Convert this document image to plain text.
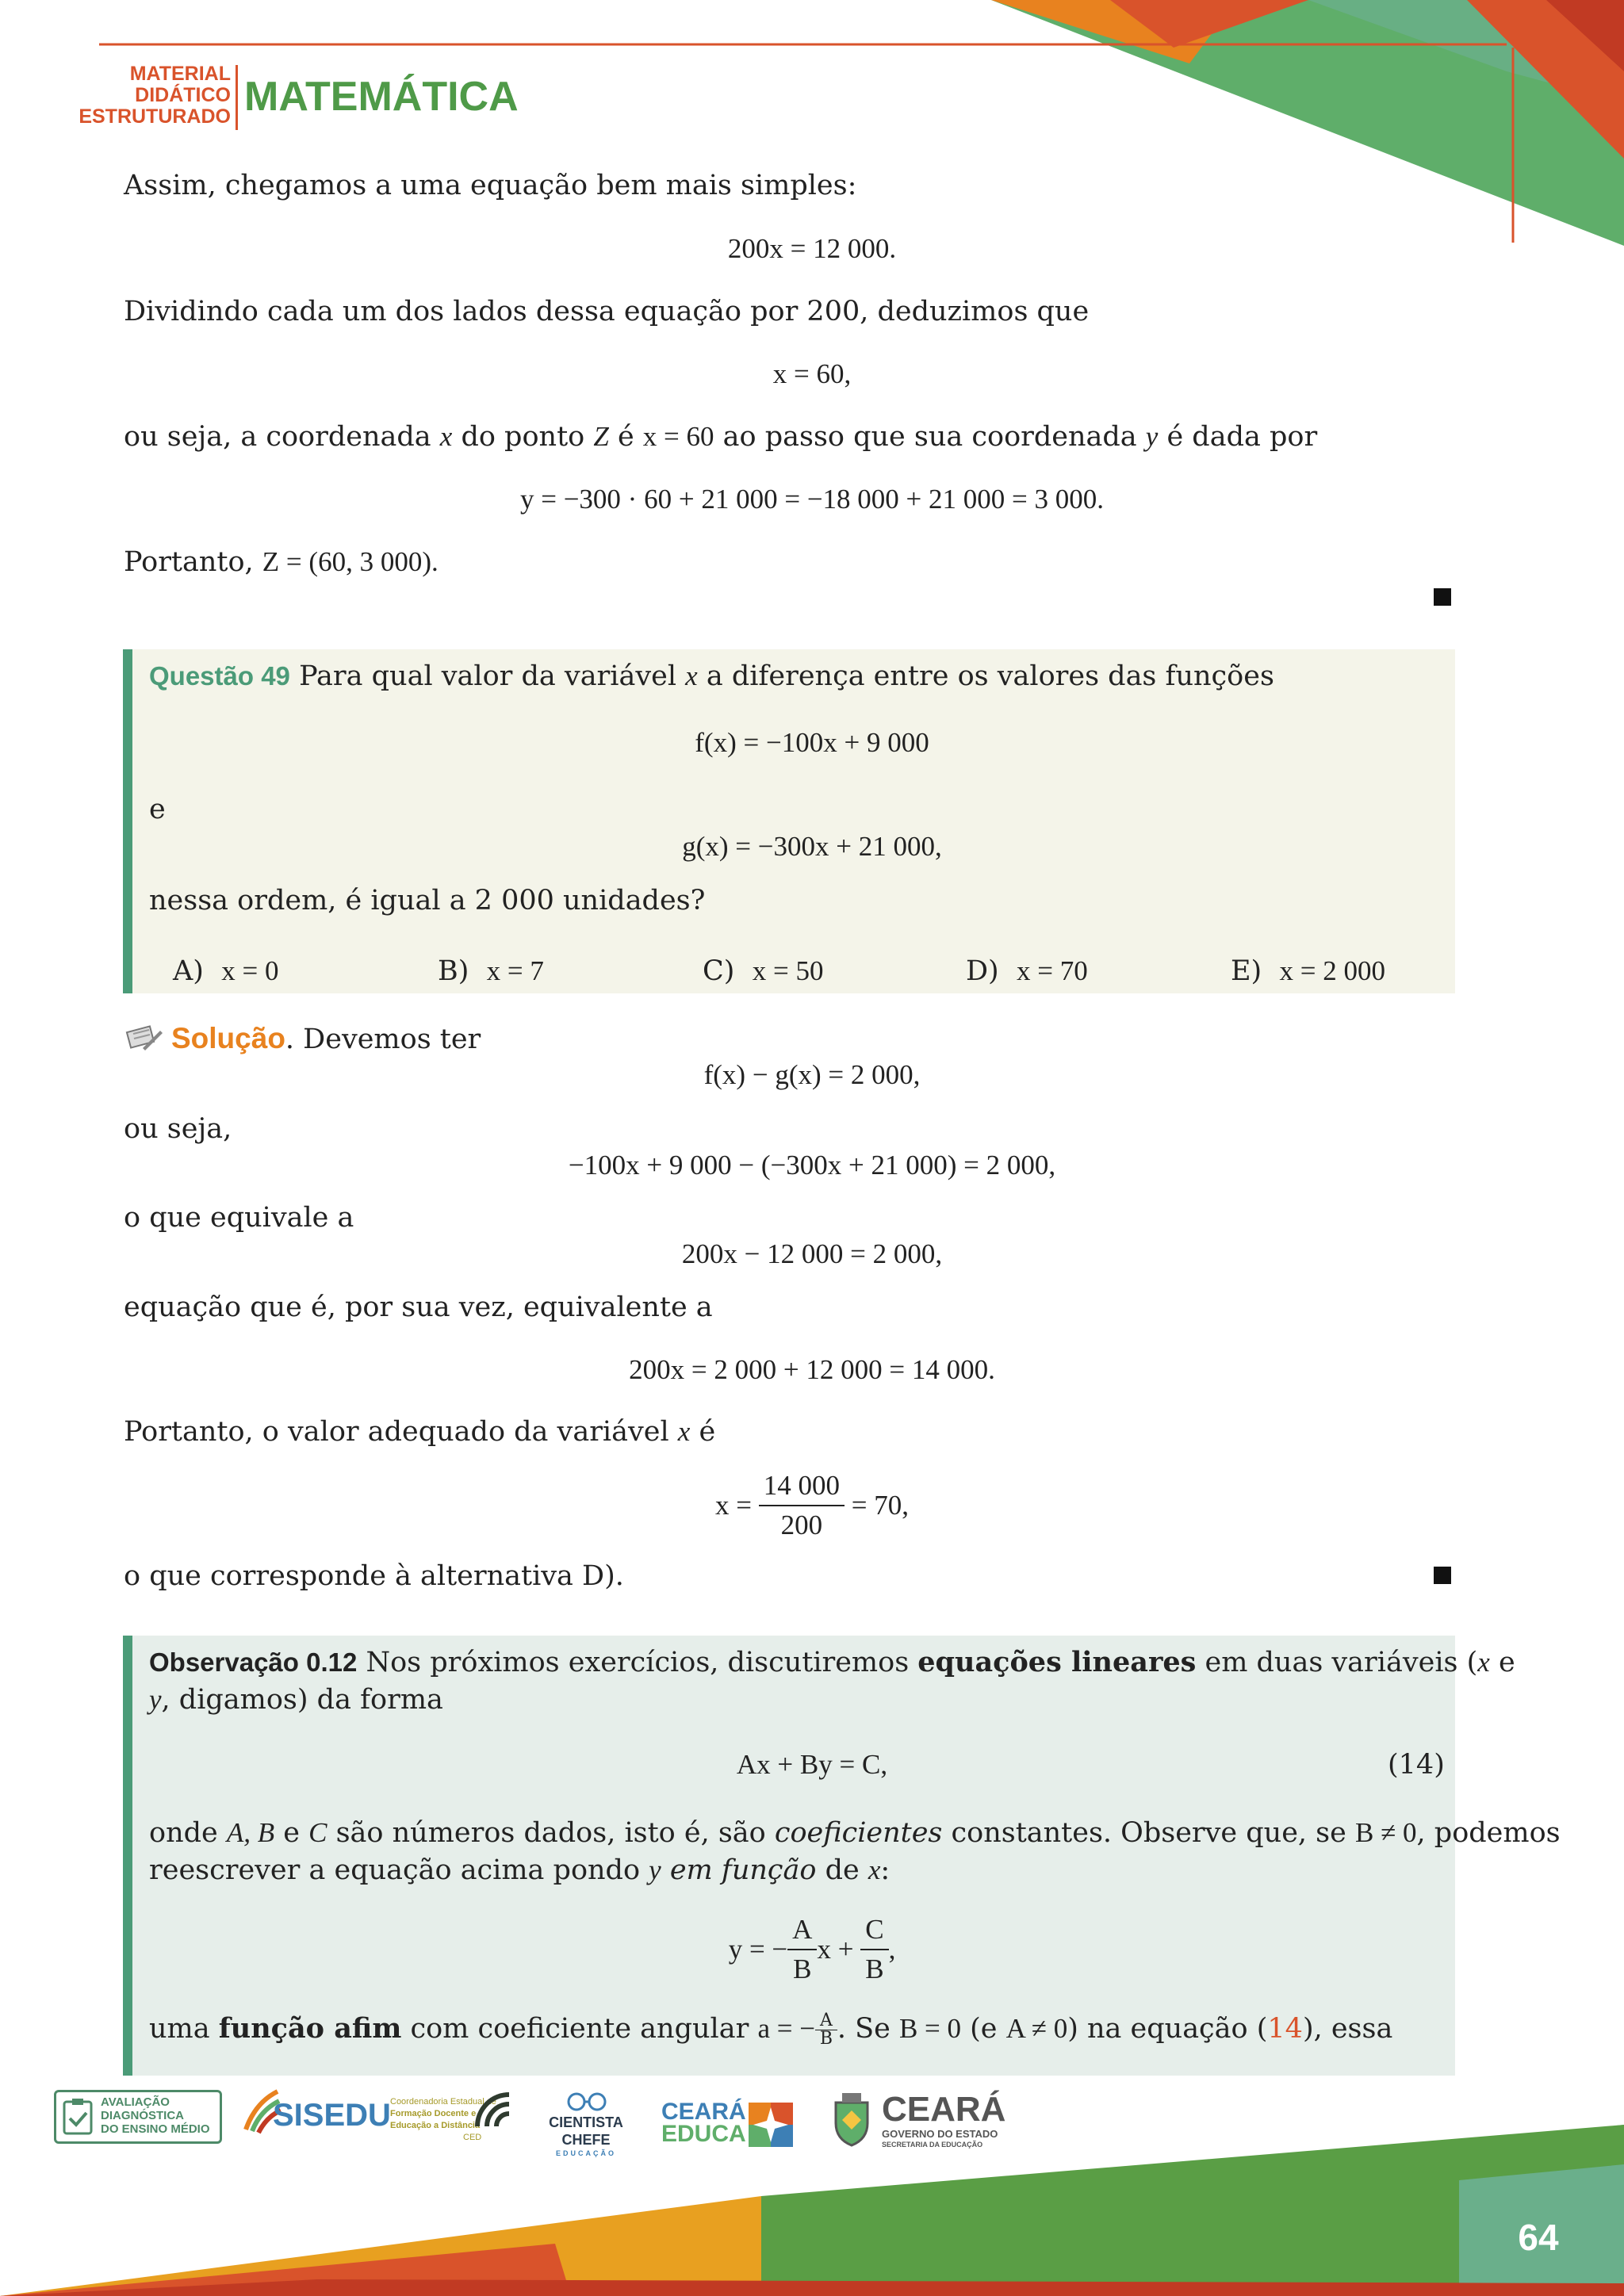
MATERIAL
DIDÁTICO
ESTRUTURADO MATEMÁTICA
Assim, chegamos a uma equação bem mais simples:
200x = 12 000.
Dividindo cada um dos lados dessa equação por 200, deduzimos que
x = 60,
ou seja, a coordenada x do ponto Z é x = 60 ao passo que sua coordenada y é dada por
y = −300 · 60 + 21 000 = −18 000 + 21 000 = 3 000.
Portanto, Z = (60, 3 000).
Questão 49 Para qual valor da variável x a diferença entre os valores das funções
f(x) = −100x + 9 000
e
g(x) = −300x + 21 000,
nessa ordem, é igual a 2 000 unidades?
A) x = 0	B) x = 7	C) x = 50	D) x = 70	E) x = 2 000
Solução. Devemos ter
f(x) − g(x) = 2 000,
ou seja,
−100x + 9 000 − (−300x + 21 000) = 2 000,
o que equivale a
200x − 12 000 = 2 000,
equação que é, por sua vez, equivalente a
200x = 2 000 + 12 000 = 14 000.
Portanto, o valor adequado da variável x é
$x = \frac{14 000}{200} = 70$,
o que corresponde à alternativa D).
Observação 0.12 Nos próximos exercícios, discutiremos equações lineares em duas variáveis (x e
y, digamos) da forma
Ax + By = C,	(14)
onde A, B e C são números dados, isto é, são coeficientes constantes. Observe que, se B ≠ 0, podemos
reescrever a equação acima pondo y em função de x:
y = − $\frac{A}{B}$ $x + \frac{C}{B}$ ,
uma função afim com coeficiente angular a = − $\frac{A}{B}$ . Se B = 0 (e A ≠ 0) na equação (14), essa
AVALIAÇÃO
DIAGNÓSTICA
DO ENSINO MÉDIO SISEDU Coordenadoria Estadual de
Formação Docente e
Educação a Distância
CED
CIENTISTA CHEFE
EDUCAÇÃO
CEARÁ
EDUCA
CEARÁ
GOVERNO DO ESTADO
SECRETARIA DA EDUCAÇÃO
64
